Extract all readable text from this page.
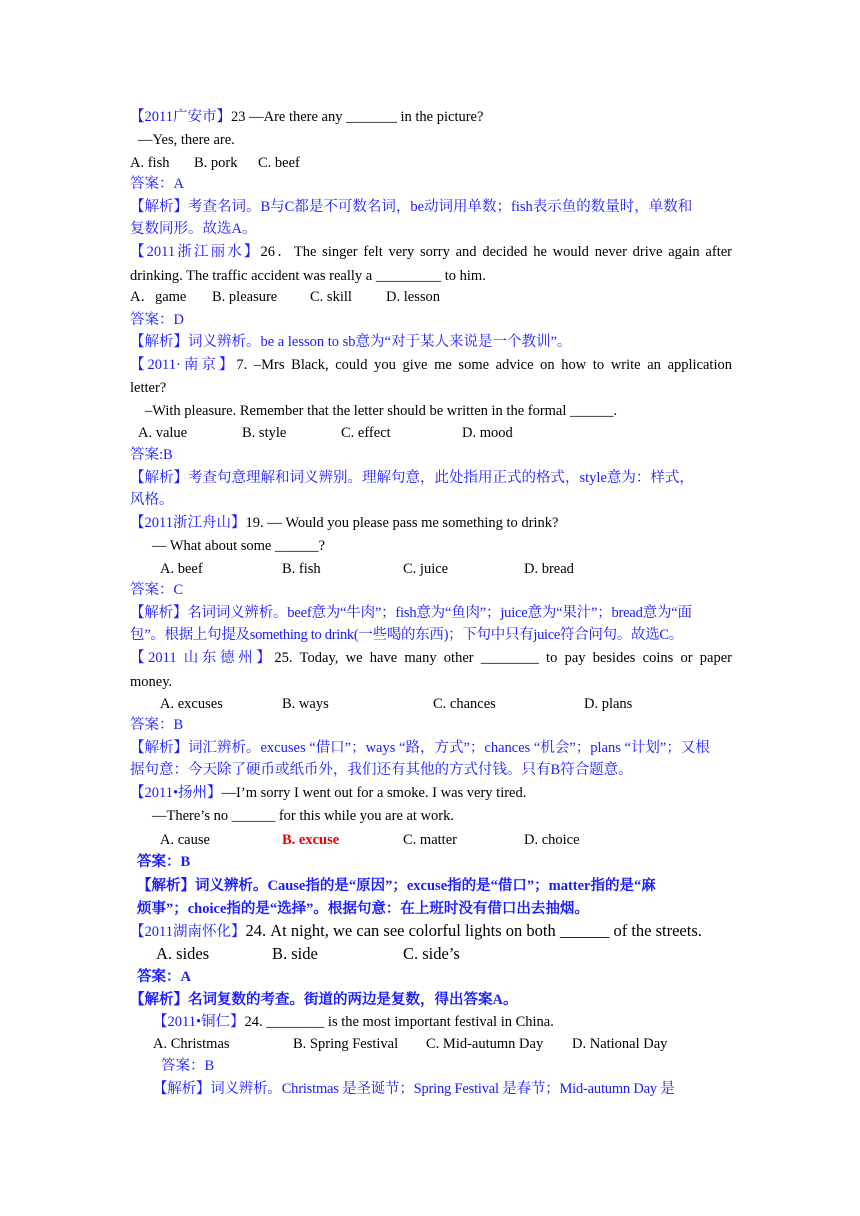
【2011广安市】23 —Are there any _______ in the picture?
—Yes, there are.
A. fish B. pork C. beef
答案：A
【解析】考查名词。B与C都是不可数名词，be动词用单数；fish表示鱼的数量时，单数和
复数同形。故选A。
【2011浙江丽水】26．The singer felt very sorry and decided he would never drive again after
drinking. The traffic accident was really a _________ to him.
A．game B. pleasure C. skill D. lesson
答案：D
【解析】词义辨析。be a lesson to sb意为“对于某人来说是一个教训”。
【2011·南京】7. –Mrs Black, could you give me some advice on how to write an application
letter?
–With pleasure. Remember that the letter should be written in the formal ______.
A. value	B. style	C. effect	D. mood
答案:B
【解析】考查句意理解和词义辨别。理解句意，此处指用正式的格式，style意为：样式，
风格。
【2011浙江舟山】19. — Would you please pass me something to drink?
— What about some ______?
A. beef	B. fish	C. juice	D. bread
答案：C
【解析】名词词义辨析。beef意为“牛肉”；fish意为“鱼肉”；juice意为“果汁”；bread意为“面
包”。根据上句提及something to drink(一些喝的东西)；下句中只有juice符合问句。故选C。
【2011 山东德州】25. Today, we have many other ________ to pay besides coins or paper
money.
A. excuses	B. ways	C. chances	D. plans
答案：B
【解析】词汇辨析。excuses “借口”；ways “路，方式”；chances “机会”；plans “计划”；又根
据句意：今天除了硬币或纸币外，我们还有其他的方式付钱。只有B符合题意。
【2011•扬州】—I’m sorry I went out for a smoke. I was very tired.
—There’s no ______ for this while you are at work.
A. cause	B. excuse	C. matter	D. choice
答案：B
【解析】词义辨析。Cause指的是“原因”；excuse指的是“借口”；matter指的是“麻
烦事”；choice指的是“选择”。根据句意：在上班时没有借口出去抽烟。
【2011湖南怀化】24. At night, we can see colorful lights on both ______ of the streets.
A. sides	B. side	C. side’s
答案：A
【解析】名词复数的考查。街道的两边是复数，得出答案A。
【2011•铜仁】24. ________ is the most important festival in China.
A. Christmas	B. Spring Festival C. Mid-autumn Day D. National Day
答案：B
【解析】词义辨析。Christmas 是圣诞节；Spring Festival 是春节；Mid-autumn Day 是
